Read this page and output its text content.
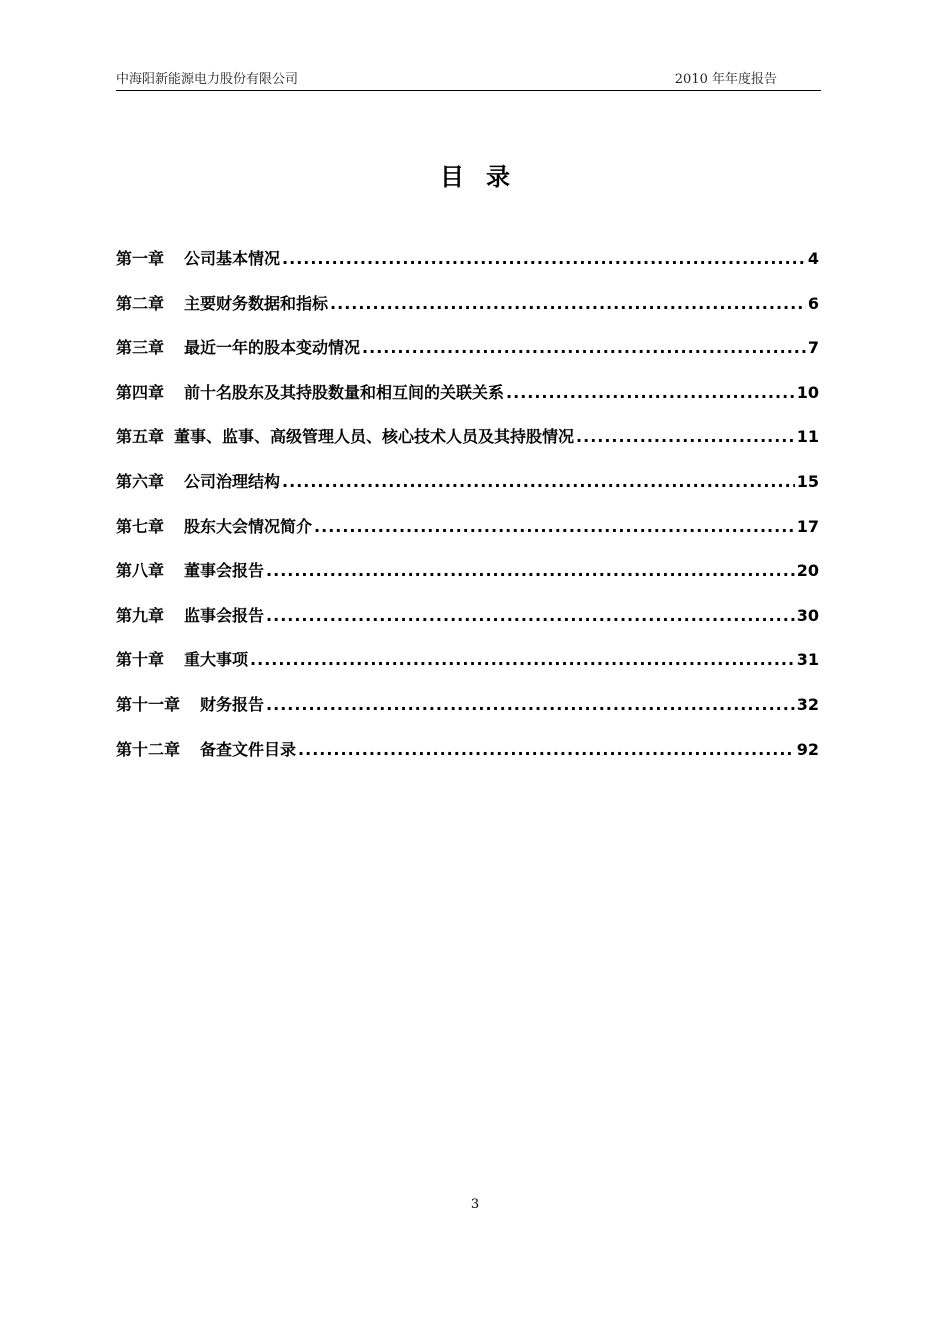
中海阳新能源电力股份有限公司	2010 年年度报告
目录
第一章 公司基本情况 .....	4
第二章 主要财务数据和指标 .....	6
第三章 最近一年的股本变动情况 .....	7
第四章 前十名股东及其持股数量和相互间的关联关系 .....	10
第五章 董事、监事、高级管理人员、核心技术人员及其持股情况 .....	11
第六章 公司治理结构 .....	15
第七章 股东大会情况简介 .....	17
第八章 董事会报告 .....	20
第九章 监事会报告 .....	30
第十章 重大事项 .....	31
第十一章 财务报告 .....	32
第十二章 备查文件目录 .....	92
3
